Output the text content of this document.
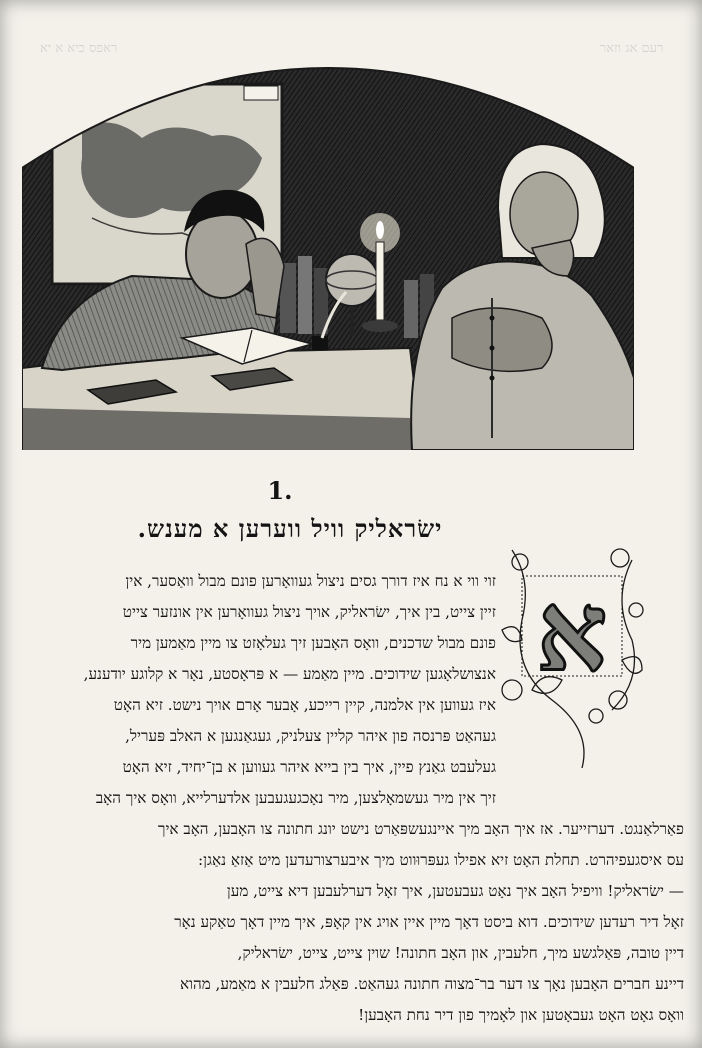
ראפס כיא א יא	רעם אג וזאר
1.
ישׂראליק וויל ווערען א מענש.
א
זוי ווי א נח איז דורך גסים ניצול געוואָרען פונם מבול וואַסער, אין
זיין צייט, בין איך, ישׂראליק, אויך ניצול געוואָרען אין אונזער צייט
פונם מבול שדכנים, וואָס האָבען זיך געלאָזט צו מיין מאַמען מיר
אנצושלאָגען שידוכים. מיין מאַמע — א פּראָסטע, נאָר א קלוגע יודענע,
איז געווען אין אלמנה, קיין רייכע, אָבער אָרם אויך נישט. זיא האָט
געהאַט פּרנסה פון איהר קליין צעלניק, געגאַנגען א האלב פּעריל,
געלעבט גאַנץ פיין, איך בין בייא איהר געווען א בן־יחיד, זיא האָט
זיך אין מיר געשמאָלצען, מיר נאָכגעגעבען אלדערלייא, וואָס איך האָב
פאַרלאַנגט. דערזייער. אז איך האָב מיך איינגעשפּאַרט נישט יונג חתונה צו האָבען, האָב איך
עס איסגעפיהרט. תחלת האָט זיא אפילו געפּרוּווט מיך איבערצורעדען מיט אַזאַ נאַגן:
— ישׂראליק! וויפיל האָב איך נאָט געבעטען, איך זאָל דערלעבען דיא צייט, מען
זאָל דיר רעדען שידוכים. דוא ביסט דאָך מיין איין אויג אין קאָפּ, איך מיין דאָך טאַקע נאָר
דיין טובה, פּאַלגשע מיך, חלעבין, און האָב חתונה! שוין צייט, צייט, ישׂראליק,
דיינע חברים האָבען נאָך צו דער בר־מצוה חתונה געהאַט. פּאַלג חלעבין א מאַמע, מהוא
וואָס גאָט האָט געבאָטען און לאָמיך פון דיר נחת האָבען!
